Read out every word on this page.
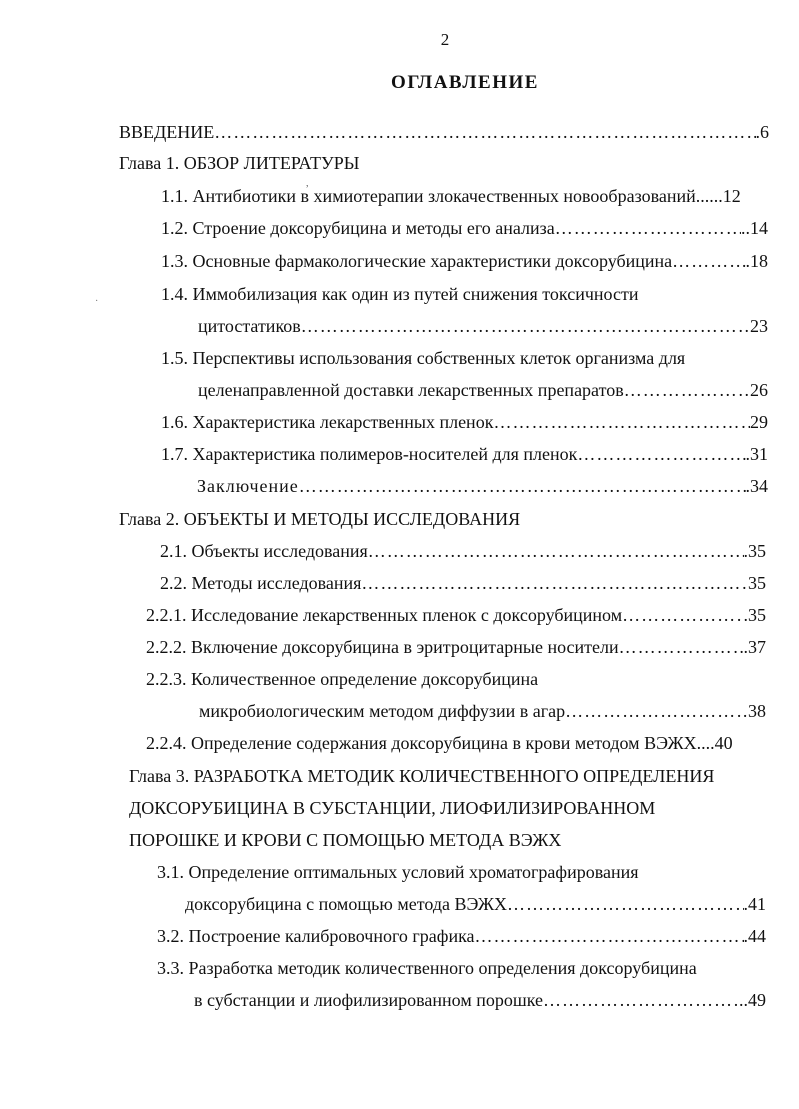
2
ОГЛАВЛЕНИЕ
,
·
ВВЕДЕНИЕ …………………………………………………………………………………………………………………………………………………………	.6
Глава 1. ОБЗОР ЛИТЕРАТУРЫ
1.1. Антибиотики в химиотерапии злокачественных новообразований ......12
1.2. Строение доксорубицина и методы его анализа …………………………………………………………………………………………………………………………………………………………	..14
1.3. Основные фармакологические характеристики доксорубицина …………………………………………………………………………………………………………………………………………………………	.18
1.4. Иммобилизация как один из путей снижения токсичности
цитостатиков …………………………………………………………………………………………………………………………………………………………	23
1.5. Перспективы использования собственных клеток организма для
целенаправленной доставки лекарственных препаратов …………………………………………………………………………………………………………………………………………………………	26
1.6. Характеристика лекарственных пленок …………………………………………………………………………………………………………………………………………………………	29
1.7. Характеристика полимеров-носителей для пленок …………………………………………………………………………………………………………………………………………………………	.31
Заключение …………………………………………………………………………………………………………………………………………………………	.34
Глава 2. ОБЪЕКТЫ И МЕТОДЫ ИССЛЕДОВАНИЯ
2.1. Объекты исследования …………………………………………………………………………………………………………………………………………………………	.35
2.2. Методы исследования …………………………………………………………………………………………………………………………………………………………	35
2.2.1. Исследование лекарственных пленок с доксорубицином …………………………………………………………………………………………………………………………………………………………	.35
2.2.2. Включение доксорубицина в эритроцитарные носители …………………………………………………………………………………………………………………………………………………………	.37
2.2.3. Количественное определение доксорубицина
микробиологическим методом диффузии в агар …………………………………………………………………………………………………………………………………………………………	38
2.2.4. Определение содержания доксорубицина в крови методом ВЭЖХ....40
Глава 3. РАЗРАБОТКА МЕТОДИК КОЛИЧЕСТВЕННОГО ОПРЕДЕЛЕНИЯ
ДОКСОРУБИЦИНА В СУБСТАНЦИИ, ЛИОФИЛИЗИРОВАННОМ
ПОРОШКЕ И КРОВИ С ПОМОЩЬЮ МЕТОДА ВЭЖХ
3.1. Определение оптимальных условий хроматографирования
доксорубицина с помощью метода ВЭЖХ …………………………………………………………………………………………………………………………………………………………	.41
3.2. Построение калибровочного графика …………………………………………………………………………………………………………………………………………………………	.44
3.3. Разработка методик количественного определения доксорубицина
в субстанции и лиофилизированном порошке …………………………………………………………………………………………………………………………………………………………	..49
